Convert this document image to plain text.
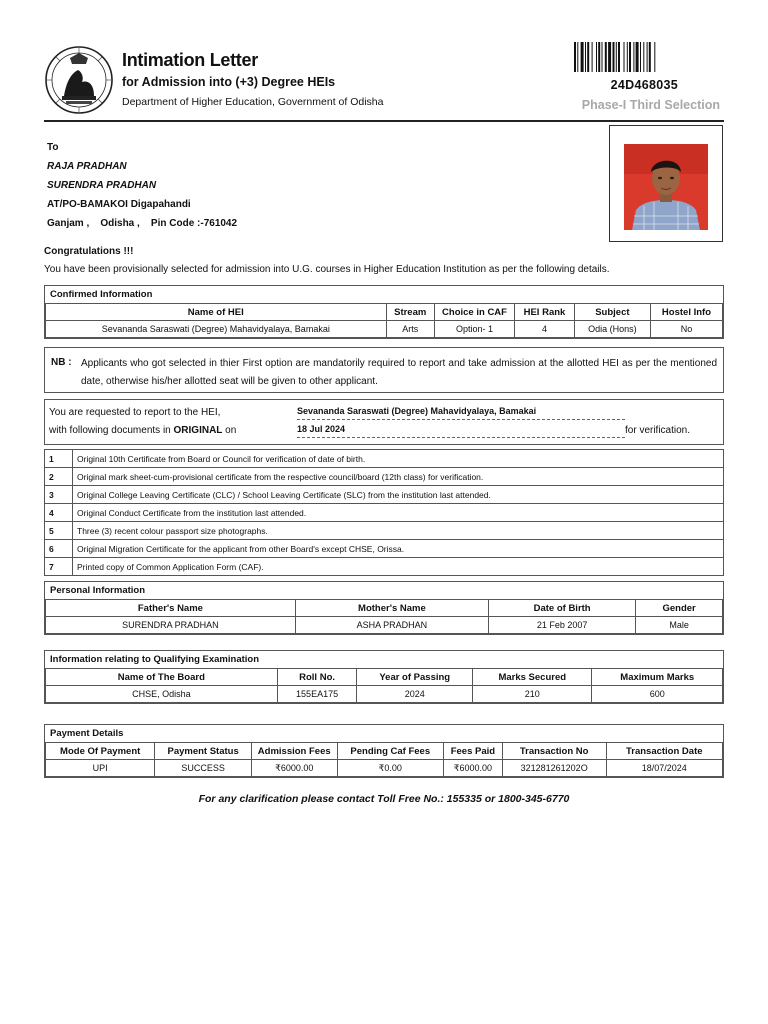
Intimation Letter
for Admission into (+3) Degree HEIs
Department of Higher Education, Government of Odisha
24D468035
Phase-I Third Selection
To
RAJA PRADHAN
SURENDRA PRADHAN
AT/PO-BAMAKOI Digapahandi
Ganjam ,    Odisha ,    Pin Code :-761042
Congratulations !!!
You have been provisionally selected for admission into U.G. courses in Higher Education Institution as per the following details.
Confirmed Information
Name of HEI	Stream	Choice in CAF	HEI Rank	Subject	Hostel Info
Sevananda Saraswati (Degree) Mahavidyalaya, Bamakai	Arts	Option- 1	4	Odia (Hons)	No
NB : Applicants who got selected in thier First option are mandatorily required to report and take admission at the allotted HEI as per the mentioned date, otherwise his/her allotted seat will be given to other applicant.
You are requested to report to the HEI,
with following documents in ORIGINAL on
Sevananda Saraswati (Degree) Mahavidyalaya, Bamakai
18 Jul 2024	for verification.
1	Original 10th Certificate from Board or Council for verification of date of birth.
2	Original mark sheet-cum-provisional certificate from the respective council/board (12th class) for verification.
3	Original College Leaving Certificate (CLC) / School Leaving Certificate (SLC) from the institution last attended.
4	Original Conduct Certificate from the institution last attended.
5	Three (3) recent colour passport size photographs.
6	Original Migration Certificate for the applicant from other Board's except CHSE, Orissa.
7	Printed copy of Common Application Form (CAF).
Personal Information
Father's Name	Mother's Name	Date of Birth	Gender
SURENDRA PRADHAN	ASHA PRADHAN	21 Feb 2007	Male
Information relating to Qualifying Examination
Name of The Board	Roll No.	Year of Passing	Marks Secured	Maximum Marks
CHSE, Odisha	155EA175	2024	210	600
Payment Details
Mode Of Payment	Payment Status	Admission Fees	Pending Caf Fees	Fees Paid	Transaction No	Transaction Date
UPI	SUCCESS	₹6000.00	₹0.00	₹6000.00	321281261202O	18/07/2024
For any clarification please contact Toll Free No.: 155335 or 1800-345-6770
